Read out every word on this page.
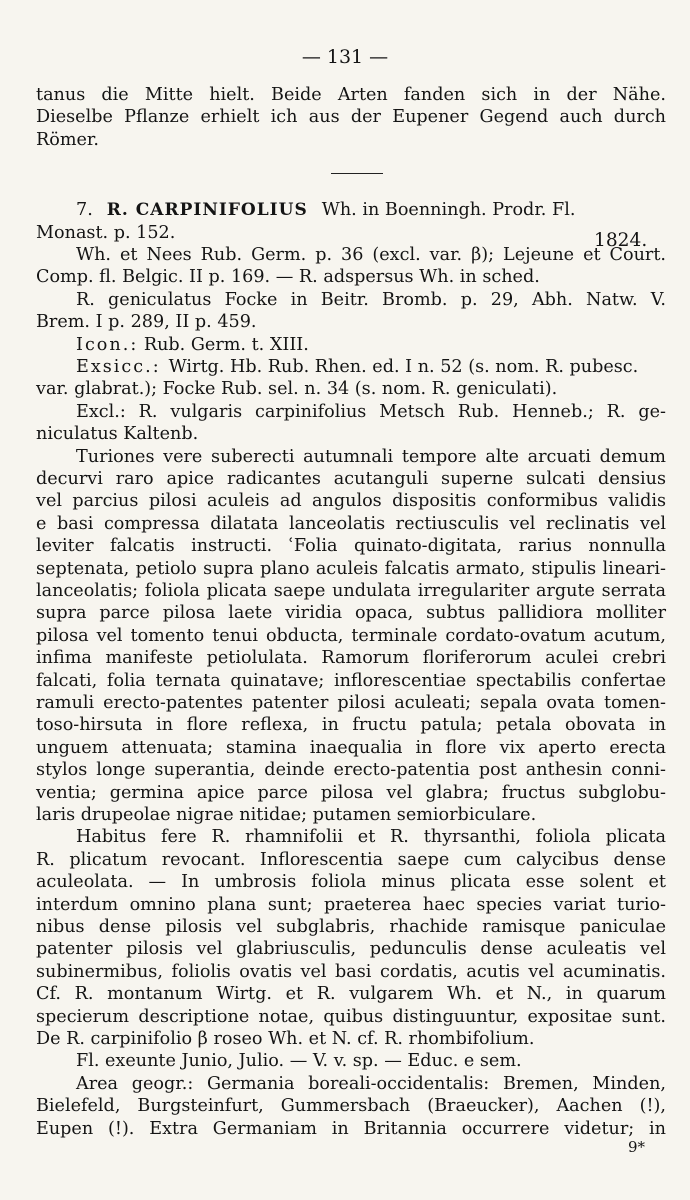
— 131 —
tanus die Mitte hielt. Beide Arten fanden sich in der Nähe.
Dieselbe Pflanze erhielt ich aus der Eupener Gegend auch durch
Römer.
7. R. CARPINIFOLIUS Wh. in Boenningh. Prodr. Fl.
Monast. p. 152.	1824.
Wh. et Nees Rub. Germ. p. 36 (excl. var. β); Lejeune et Court.
Comp. fl. Belgic. II p. 169. — R. adspersus Wh. in sched.
R. geniculatus Focke in Beitr. Bromb. p. 29, Abh. Natw. V.
Brem. I p. 289, II p. 459.
Icon.: Rub. Germ. t. XIII.
Exsicc.: Wirtg. Hb. Rub. Rhen. ed. I n. 52 (s. nom. R. pubesc.
var. glabrat.); Focke Rub. sel. n. 34 (s. nom. R. geniculati).
Excl.: R. vulgaris carpinifolius Metsch Rub. Henneb.; R. ge-
niculatus Kaltenb.
Turiones vere suberecti autumnali tempore alte arcuati demum
decurvi raro apice radicantes acutanguli superne sulcati densius
vel parcius pilosi aculeis ad angulos dispositis conformibus validis
e basi compressa dilatata lanceolatis rectiusculis vel reclinatis vel
leviter falcatis instructi. ʿFolia quinato-digitata, rarius nonnulla
septenata, petiolo supra plano aculeis falcatis armato, stipulis lineari-
lanceolatis; foliola plicata saepe undulata irregulariter argute serrata
supra parce pilosa laete viridia opaca, subtus pallidiora molliter
pilosa vel tomento tenui obducta, terminale cordato-ovatum acutum,
infima manifeste petiolulata. Ramorum floriferorum aculei crebri
falcati, folia ternata quinatave; inflorescentiae spectabilis confertae
ramuli erecto-patentes patenter pilosi aculeati; sepala ovata tomen-
toso-hirsuta in flore reflexa, in fructu patula; petala obovata in
unguem attenuata; stamina inaequalia in flore vix aperto erecta
stylos longe superantia, deinde erecto-patentia post anthesin conni-
ventia; germina apice parce pilosa vel glabra; fructus subglobu-
laris drupeolae nigrae nitidae; putamen semiorbiculare.
Habitus fere R. rhamnifolii et R. thyrsanthi, foliola plicata
R. plicatum revocant. Inflorescentia saepe cum calycibus dense
aculeolata. — In umbrosis foliola minus plicata esse solent et
interdum omnino plana sunt; praeterea haec species variat turio-
nibus dense pilosis vel subglabris, rhachide ramisque paniculae
patenter pilosis vel glabriusculis, pedunculis dense aculeatis vel
subinermibus, foliolis ovatis vel basi cordatis, acutis vel acuminatis.
Cf. R. montanum Wirtg. et R. vulgarem Wh. et N., in quarum
specierum descriptione notae, quibus distinguuntur, expositae sunt.
De R. carpinifolio β roseo Wh. et N. cf. R. rhombifolium.
Fl. exeunte Junio, Julio. — V. v. sp. — Educ. e sem.
9*
Area geogr.: Germania boreali-occidentalis: Bremen, Minden,
Bielefeld, Burgsteinfurt, Gummersbach (Braeucker), Aachen (!),
Eupen (!). Extra Germaniam in Britannia occurrere videtur; in
